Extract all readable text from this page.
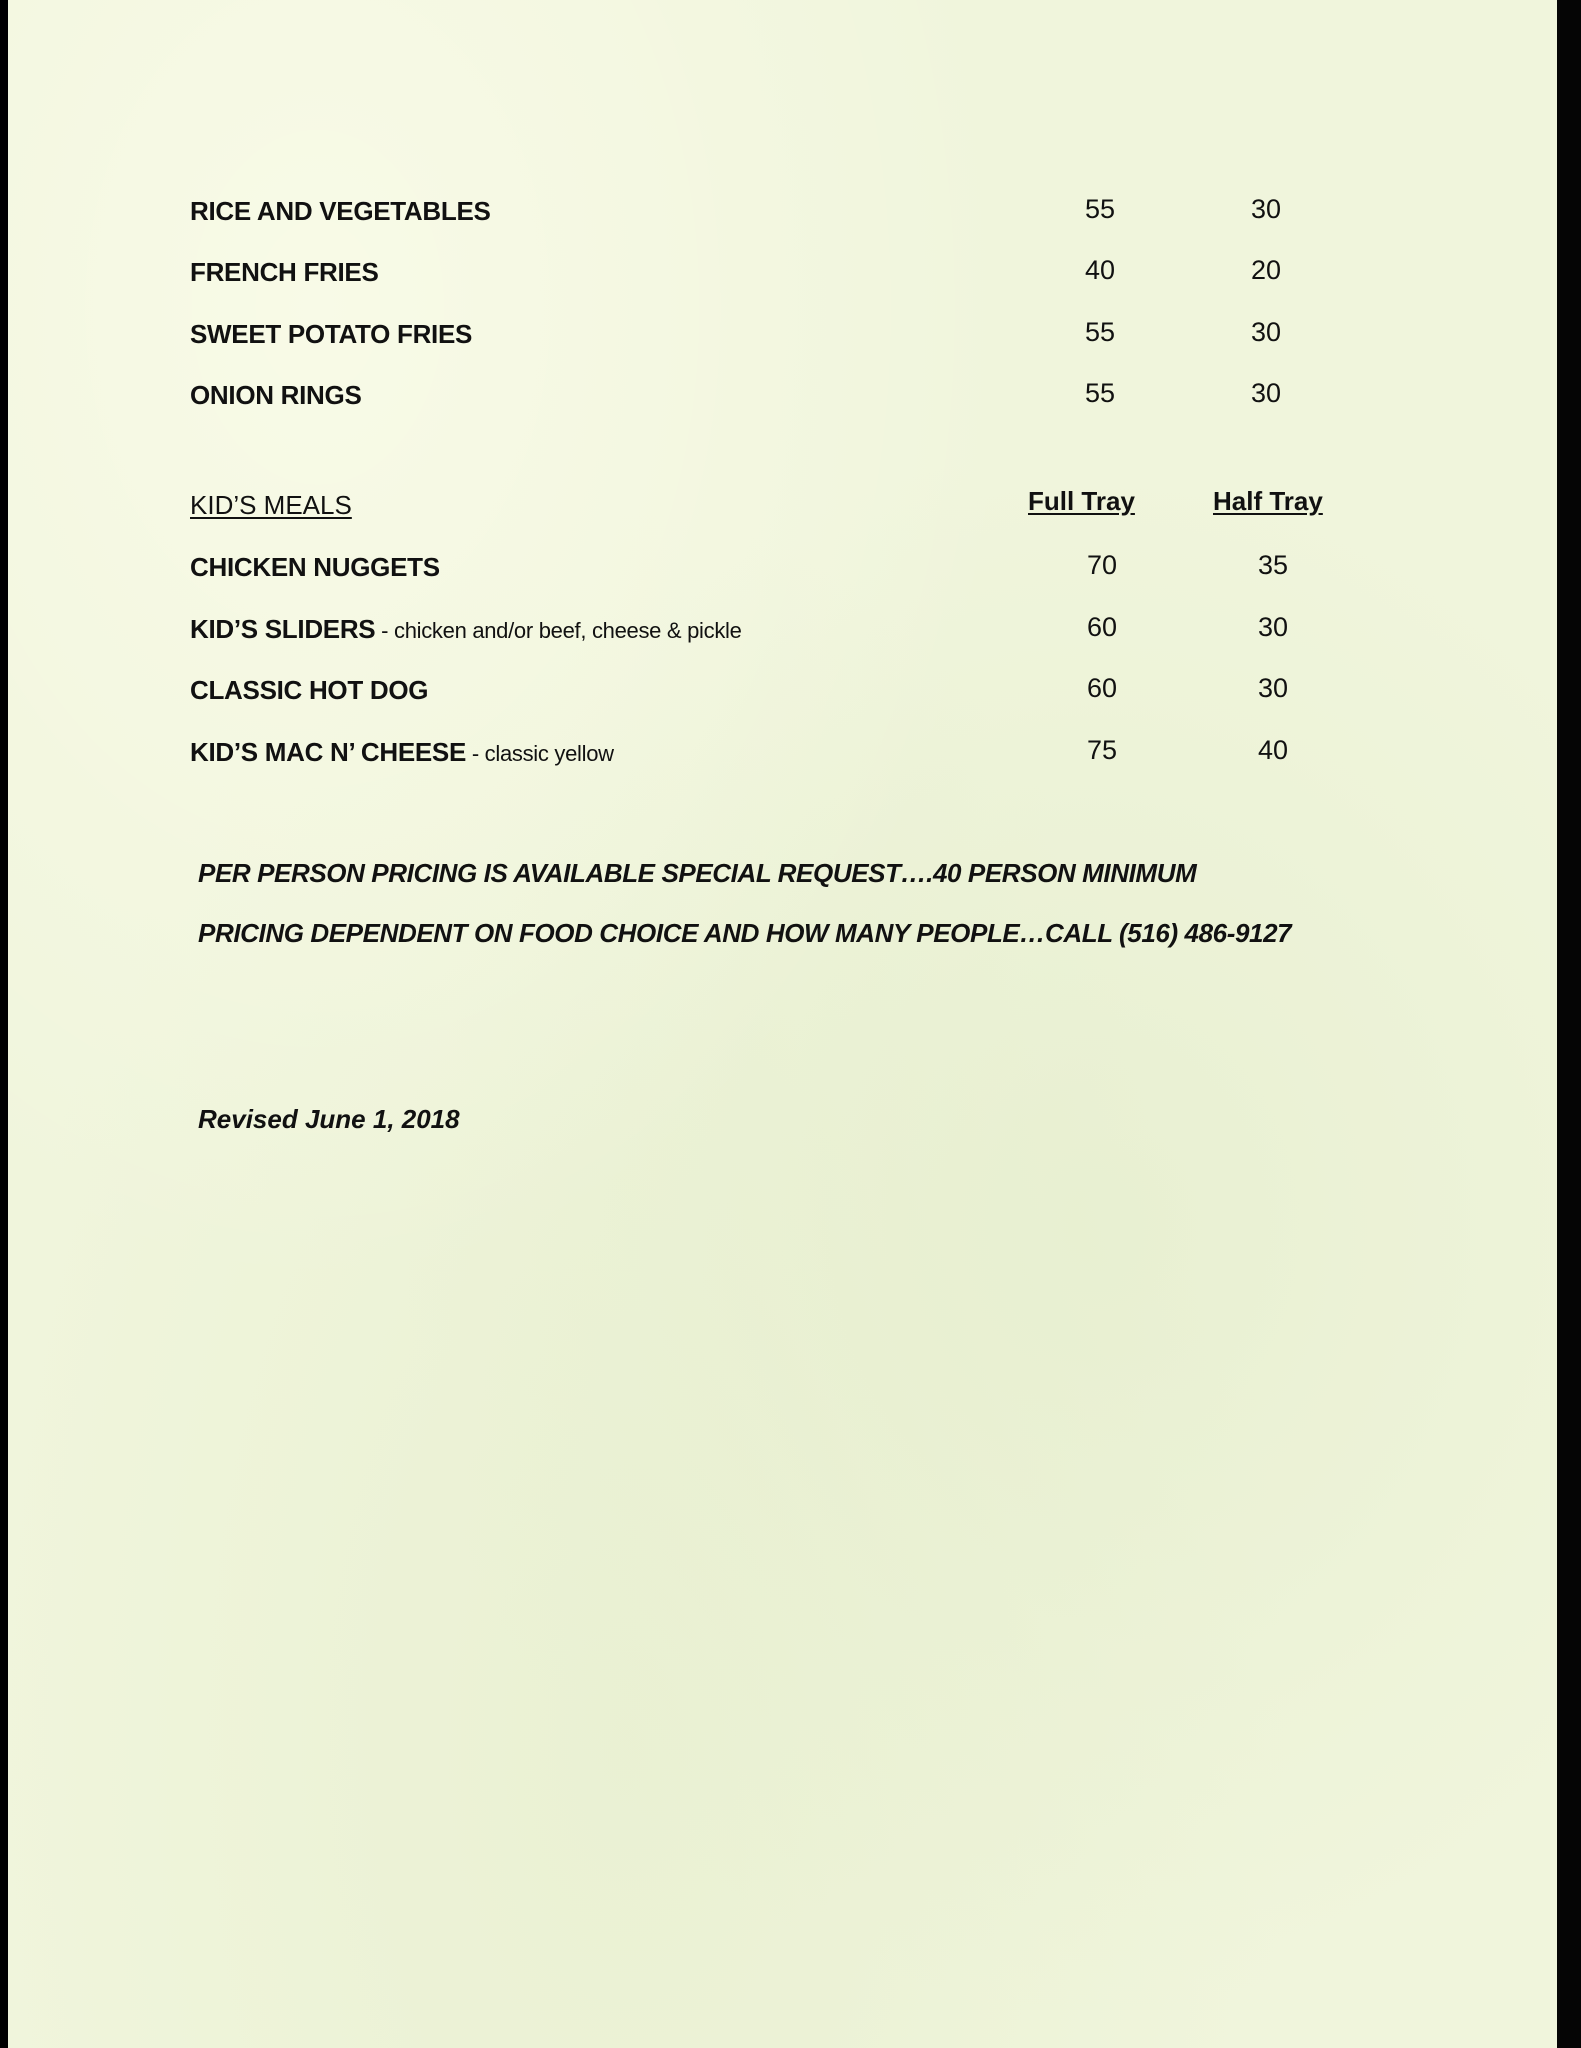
RICE AND VEGETABLES	55	30
FRENCH FRIES	40	20
SWEET POTATO FRIES	55	30
ONION RINGS	55	30
KID’S MEALS	Full Tray	Half Tray
CHICKEN NUGGETS	70	35
KID’S SLIDERS - chicken and/or beef, cheese & pickle	60	30
CLASSIC HOT DOG	60	30
KID’S MAC N’ CHEESE - classic yellow	75	40
PER PERSON PRICING IS AVAILABLE SPECIAL REQUEST….40 PERSON MINIMUM
PRICING DEPENDENT ON FOOD CHOICE AND HOW MANY PEOPLE…CALL (516) 486-9127
Revised June 1, 2018
